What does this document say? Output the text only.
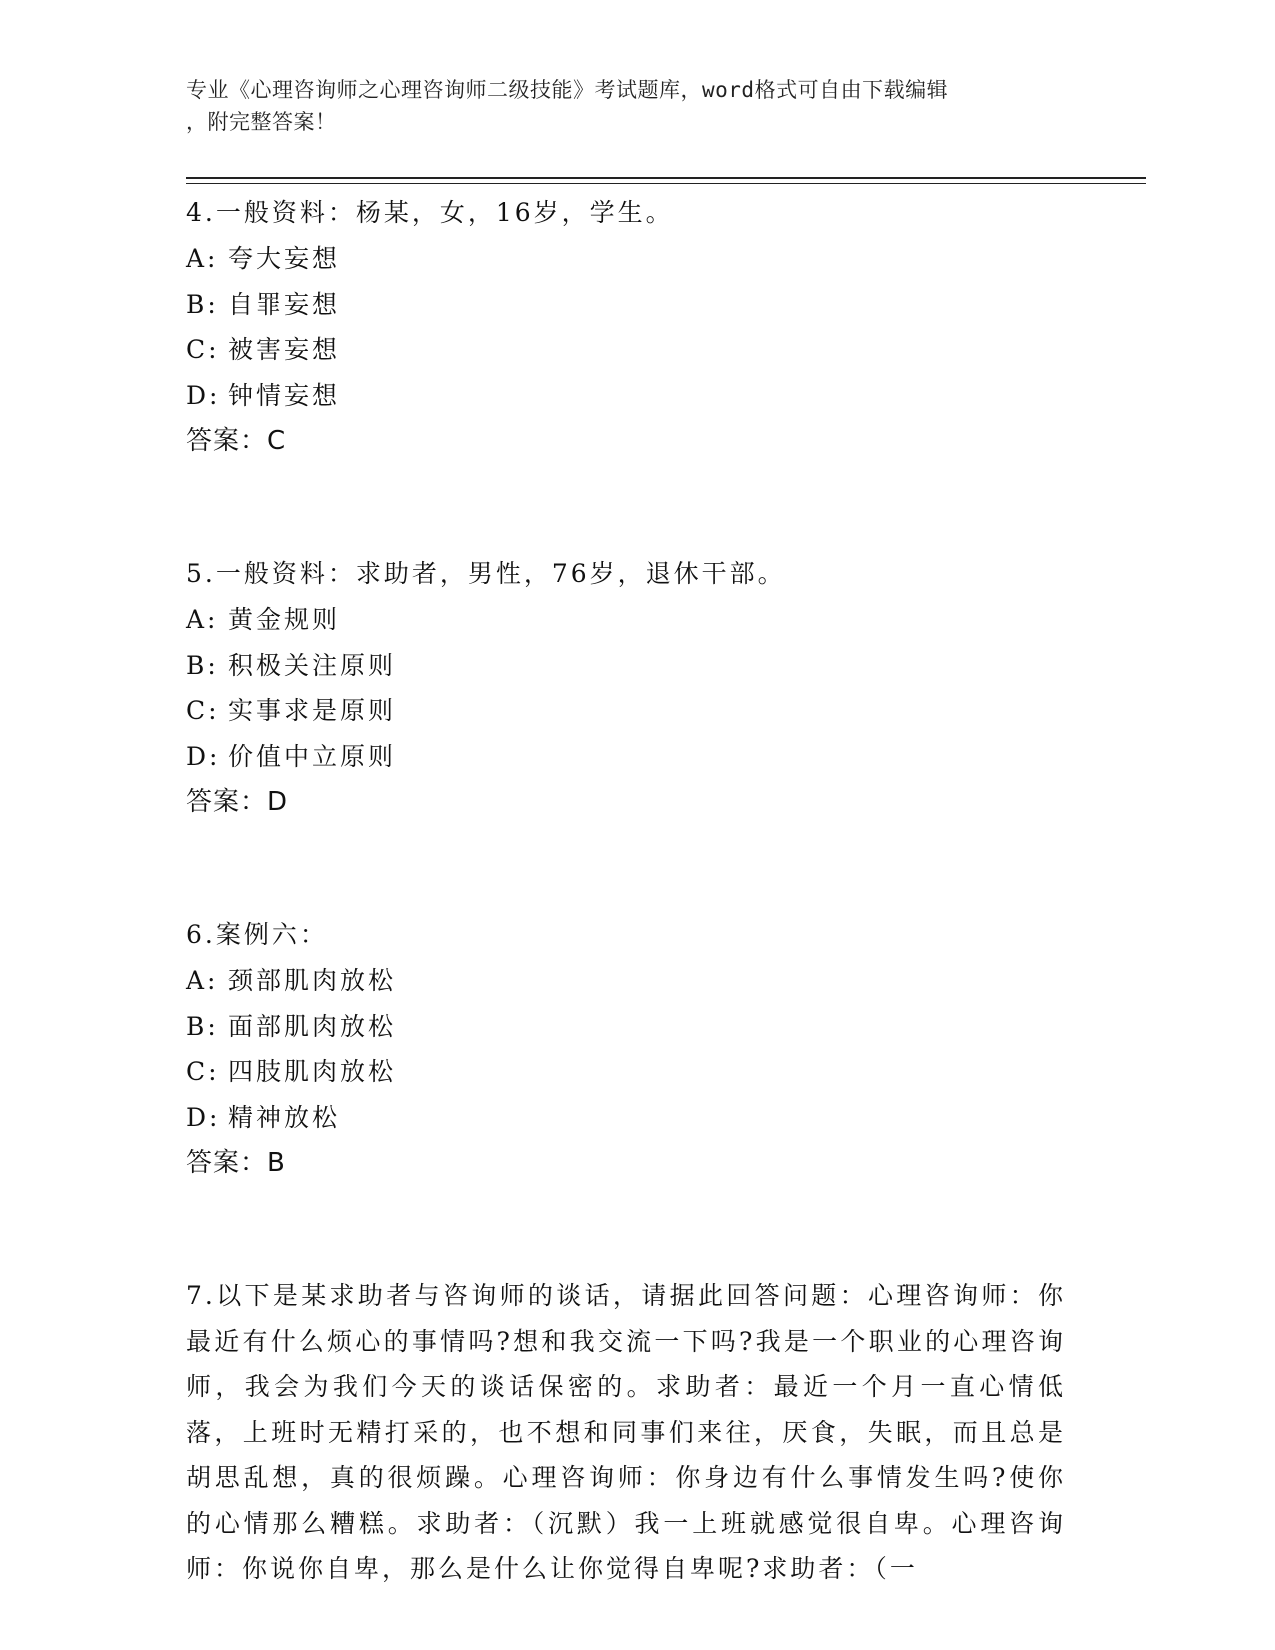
专业《心理咨询师之心理咨询师二级技能》考试题库，word格式可自由下载编辑
，附完整答案！

4.一般资料：杨某，女，16岁，学生。

A: 夸大妄想

B: 自罪妄想

C: 被害妄想

D: 钟情妄想

答案：C

5.一般资料：求助者，男性，76岁，退休干部。

A: 黄金规则

B: 积极关注原则

C: 实事求是原则

D: 价值中立原则

答案：D

6.案例六：

A: 颈部肌肉放松

B: 面部肌肉放松

C: 四肢肌肉放松

D: 精神放松

答案：B

7.以下是某求助者与咨询师的谈话，请据此回答问题：心理咨询师：你最近有什么烦心的事情吗?想和我交流一下吗?我是一个职业的心理咨询师，我会为我们今天的谈话保密的。求助者：最近一个月一直心情低落，上班时无精打采的，也不想和同事们来往，厌食，失眠，而且总是胡思乱想，真的很烦躁。心理咨询师：你身边有什么事情发生吗?使你的心情那么糟糕。求助者：（沉默）我一上班就感觉很自卑。心理咨询师：你说你自卑，那么是什么让你觉得自卑呢?求助者：（一
